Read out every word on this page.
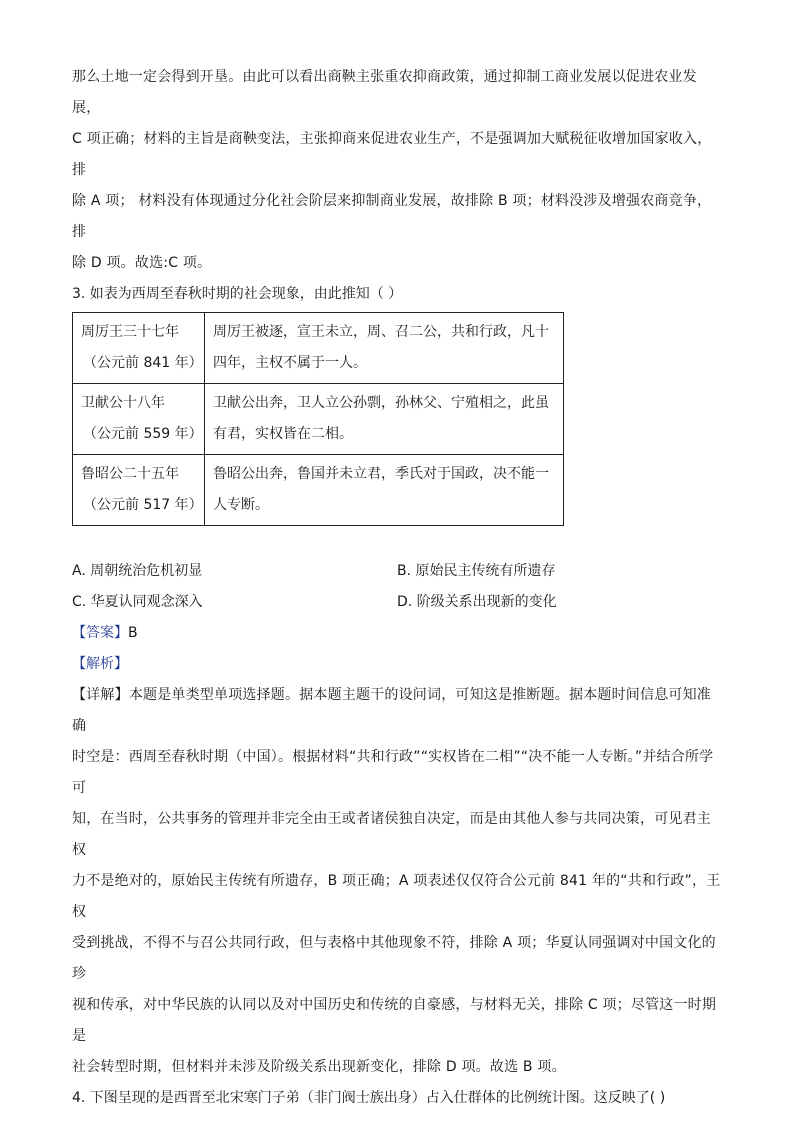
那么土地一定会得到开垦。由此可以看出商鞅主张重农抑商政策，通过抑制工商业发展以促进农业发展，

C 项正确；材料的主旨是商鞅变法，主张抑商来促进农业生产，不是强调加大赋税征收增加国家收入，排

除 A 项； 材料没有体现通过分化社会阶层来抑制商业发展，故排除 B 项；材料没涉及增强农商竞争，排

除 D 项。故选:C 项。

3. 如表为西周至春秋时期的社会现象，由此推知（ ）

周厉王三十七年
（公元前 841 年）	周厉王被逐，宣王未立，周、召二公，共和行政，凡十
四年，主权不属于一人。
卫献公十八年
（公元前 559 年）	卫献公出奔，卫人立公孙剽，孙林父、宁殖相之，此虽
有君，实权皆在二相。
鲁昭公二十五年
（公元前 517 年）	鲁昭公出奔，鲁国并未立君，季氏对于国政，决不能一
人专断。
A. 周朝统治危机初显	B. 原始民主传统有所遗存
C. 华夏认同观念深入	D. 阶级关系出现新的变化

【答案】B

【解析】

【详解】本题是单类型单项选择题。据本题主题干的设问词，可知这是推断题。据本题时间信息可知准确

时空是：西周至春秋时期（中国）。根据材料“共和行政”“实权皆在二相”“决不能一人专断。”并结合所学可

知，在当时，公共事务的管理并非完全由王或者诸侯独自决定，而是由其他人参与共同决策，可见君主权

力不是绝对的，原始民主传统有所遗存，B 项正确；A 项表述仅仅符合公元前 841 年的“共和行政”，王权

受到挑战，不得不与召公共同行政，但与表格中其他现象不符，排除 A 项；华夏认同强调对中国文化的珍

视和传承，对中华民族的认同以及对中国历史和传统的自豪感，与材料无关，排除 C 项；尽管这一时期是

社会转型时期，但材料并未涉及阶级关系出现新变化，排除 D 项。故选 B 项。

4. 下图呈现的是西晋至北宋寒门子弟（非门阀士族出身）占入仕群体的比例统计图。这反映了( )
